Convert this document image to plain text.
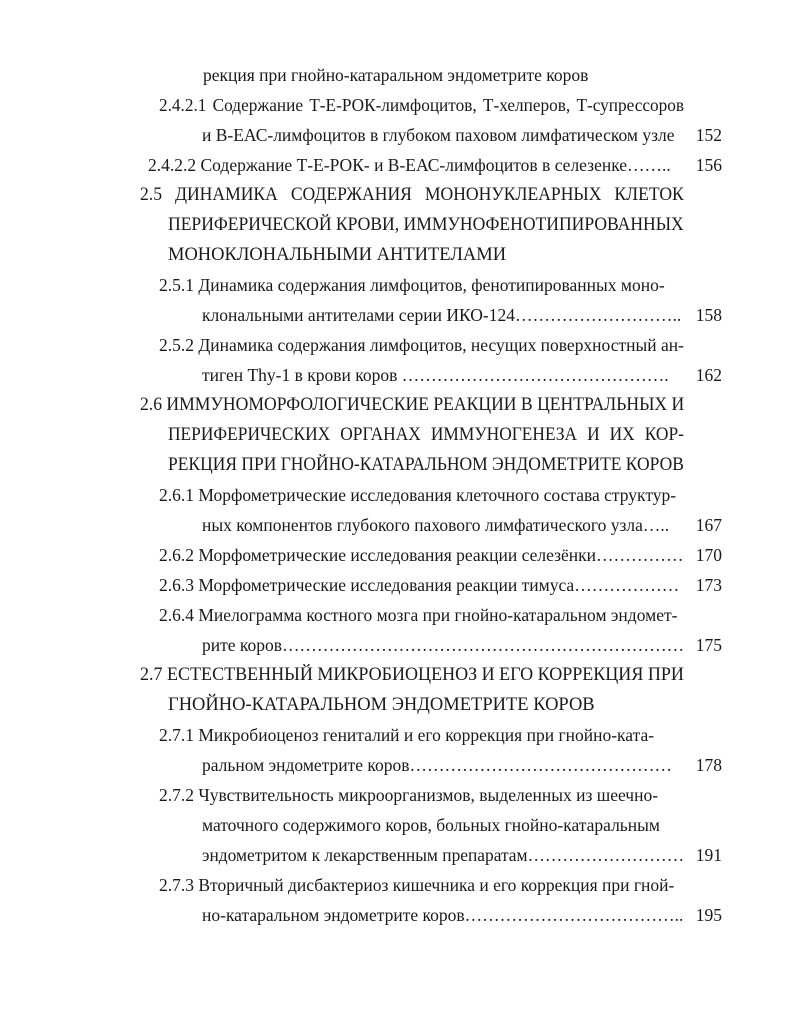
рекция при гнойно-катаральном эндометрите коров
2.4.2.1 Содержание Т-Е-РОК-лимфоцитов, Т-хелперов, Т-супрессоров
и В-ЕАС-лимфоцитов в глубоком паховом лимфатическом узле	152
2.4.2.2 Содержание Т-Е-РОК- и В-ЕАС-лимфоцитов в селезенке……..	156
2.5 ДИНАМИКА СОДЕРЖАНИЯ МОНОНУКЛЕАРНЫХ КЛЕТОК
ПЕРИФЕРИЧЕСКОЙ КРОВИ, ИММУНОФЕНОТИПИРОВАННЫХ
МОНОКЛОНАЛЬНЫМИ АНТИТЕЛАМИ
2.5.1 Динамика содержания лимфоцитов, фенотипированных моно-
клональными антителами серии ИКО-124……………………….. 158
2.5.2 Динамика содержания лимфоцитов, несущих поверхностный ан-
тиген Thy-1 в крови коров ……………………………………….	162
2.6 ИММУНОМОРФОЛОГИЧЕСКИЕ РЕАКЦИИ В ЦЕНТРАЛЬНЫХ И
ПЕРИФЕРИЧЕСКИХ ОРГАНАХ ИММУНОГЕНЕЗА И ИХ КОР-
РЕКЦИЯ ПРИ ГНОЙНО-КАТАРАЛЬНОМ ЭНДОМЕТРИТЕ КОРОВ
2.6.1 Морфометрические исследования клеточного состава структур-
ных компонентов глубокого пахового лимфатического узла…..	167
2.6.2 Морфометрические исследования реакции селезёнки…………… 170
2.6.3 Морфометрические исследования реакции тимуса……………… 173
2.6.4 Миелограмма костного мозга при гнойно-катаральном эндомет-
рите коров…………………………………………………………… 175
2.7 ЕСТЕСТВЕННЫЙ МИКРОБИОЦЕНОЗ И ЕГО КОРРЕКЦИЯ ПРИ
ГНОЙНО-КАТАРАЛЬНОМ ЭНДОМЕТРИТЕ КОРОВ
2.7.1 Микробиоценоз гениталий и его коррекция при гнойно-ката-
ральном эндометрите коров………………………………………	178
2.7.2 Чувствительность микроорганизмов, выделенных из шеечно-
маточного содержимого коров, больных гнойно-катаральным
эндометритом к лекарственным препаратам……………………… 191
2.7.3 Вторичный дисбактериоз кишечника и его коррекция при гной-
но-катаральном эндометрите коров……………………………….. 195
